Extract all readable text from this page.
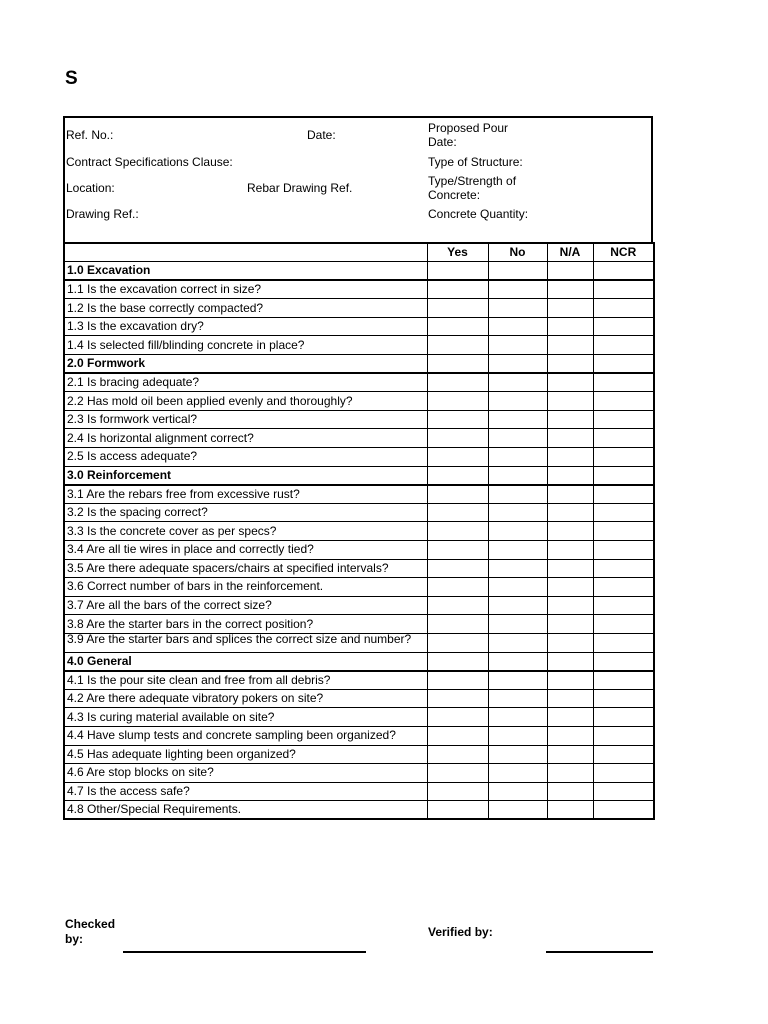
S
Ref. No.:	Date:	Proposed Pour Date:
Contract Specifications Clause:	Type of Structure:
Location:	Rebar Drawing Ref.	Type/Strength of Concrete:
Drawing Ref.:	Concrete Quantity:
	Yes	No	N/A	NCR
1.0 Excavation				
1.1 Is the excavation correct in size?				
1.2 Is the base correctly compacted?				
1.3 Is the excavation dry?				
1.4 Is selected fill/blinding concrete in place?				
2.0 Formwork				
2.1 Is bracing adequate?				
2.2 Has mold oil been applied evenly and thoroughly?				
2.3 Is formwork vertical?				
2.4 Is horizontal alignment correct?				
2.5 Is access adequate?				
3.0 Reinforcement				
3.1 Are the rebars free from excessive rust?				
3.2 Is the spacing correct?				
3.3 Is the concrete cover as per specs?				
3.4 Are all tie wires in place and correctly tied?				
3.5 Are there adequate spacers/chairs at specified intervals?				
3.6 Correct number of bars in the reinforcement.				
3.7 Are all the bars of the correct size?				
3.8 Are the starter bars in the correct position?				
3.9 Are the starter bars and splices the correct size and number?				
4.0 General				
4.1 Is the pour site clean and free from all debris?				
4.2 Are there adequate vibratory pokers on site?				
4.3 Is curing material available on site?				
4.4 Have slump tests and concrete sampling been organized?				
4.5 Has adequate lighting been organized?				
4.6 Are stop blocks on site?				
4.7 Is the access safe?				
4.8 Other/Special Requirements.				
Checked by:	Verified by:
